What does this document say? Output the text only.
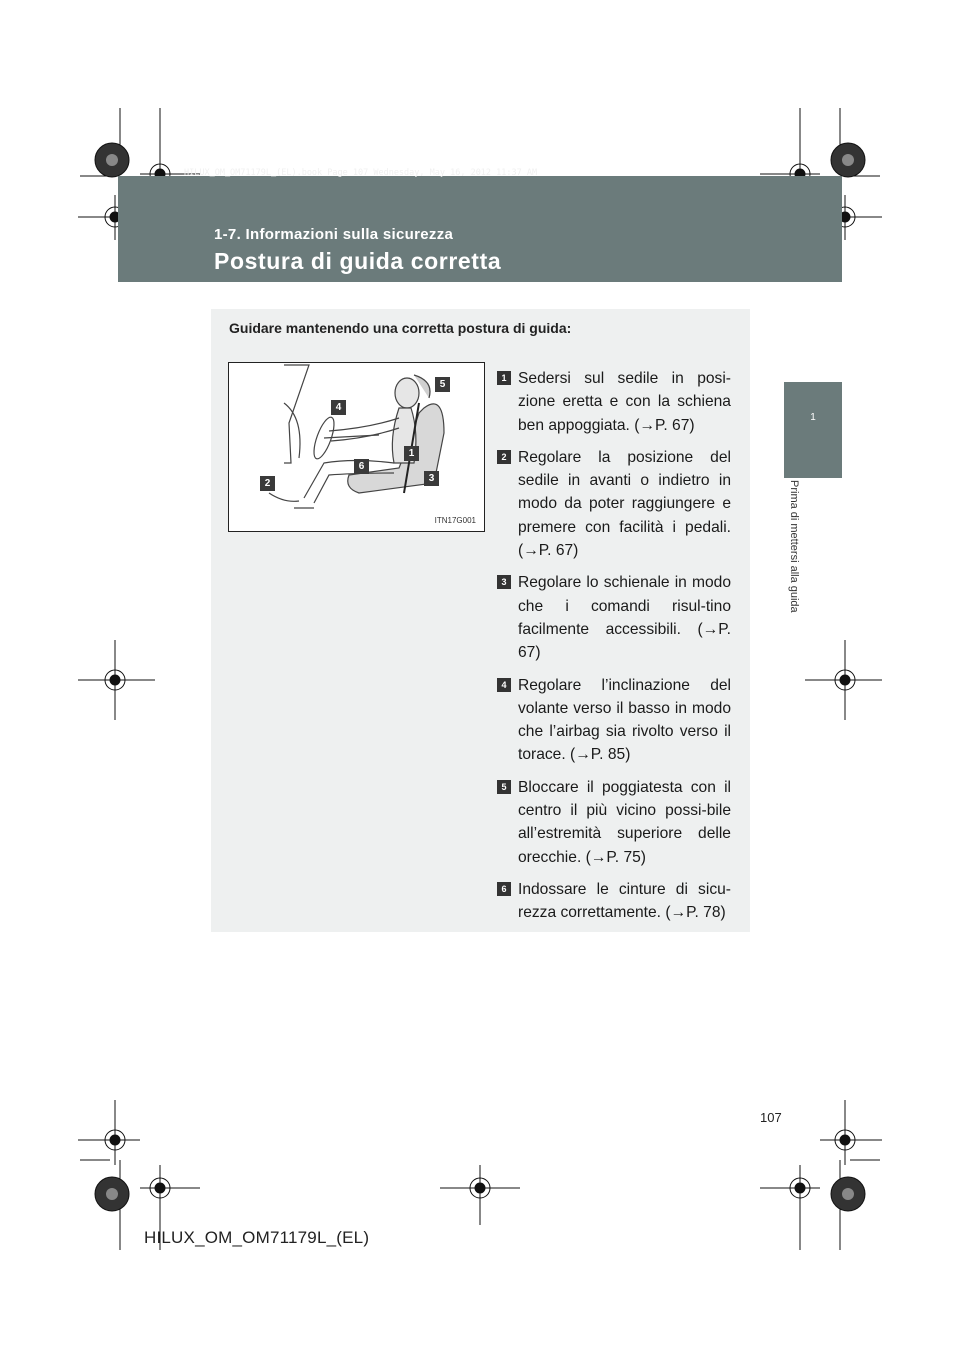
1-7. Informazioni sulla sicurezza
Postura di guida corretta
HILUX_OM_OM71179L_(EL).book Page 107 Wednesday, May 16, 2012 11:37 AM
1
Prima di mettersi alla guida
Guidare mantenendo una corretta postura di guida:
5
4
1
6
3
2
ITN17G001
1 Sedersi sul sedile in posi-zione eretta e con la schiena ben appoggiata. (→P. 67)
2 Regolare la posizione del sedile in avanti o indietro in modo da poter raggiungere e premere con facilità i pedali. (→P. 67)
3 Regolare lo schienale in modo che i comandi risul-tino facilmente accessibili. (→P. 67)
4 Regolare l’inclinazione del volante verso il basso in modo che l’airbag sia rivolto verso il torace. (→P. 85)
5 Bloccare il poggiatesta con il centro il più vicino possi-bile all’estremità superiore delle orecchie. (→P. 75)
6 Indossare le cinture di sicu-rezza correttamente. (→P. 78)
107
HILUX_OM_OM71179L_(EL)
